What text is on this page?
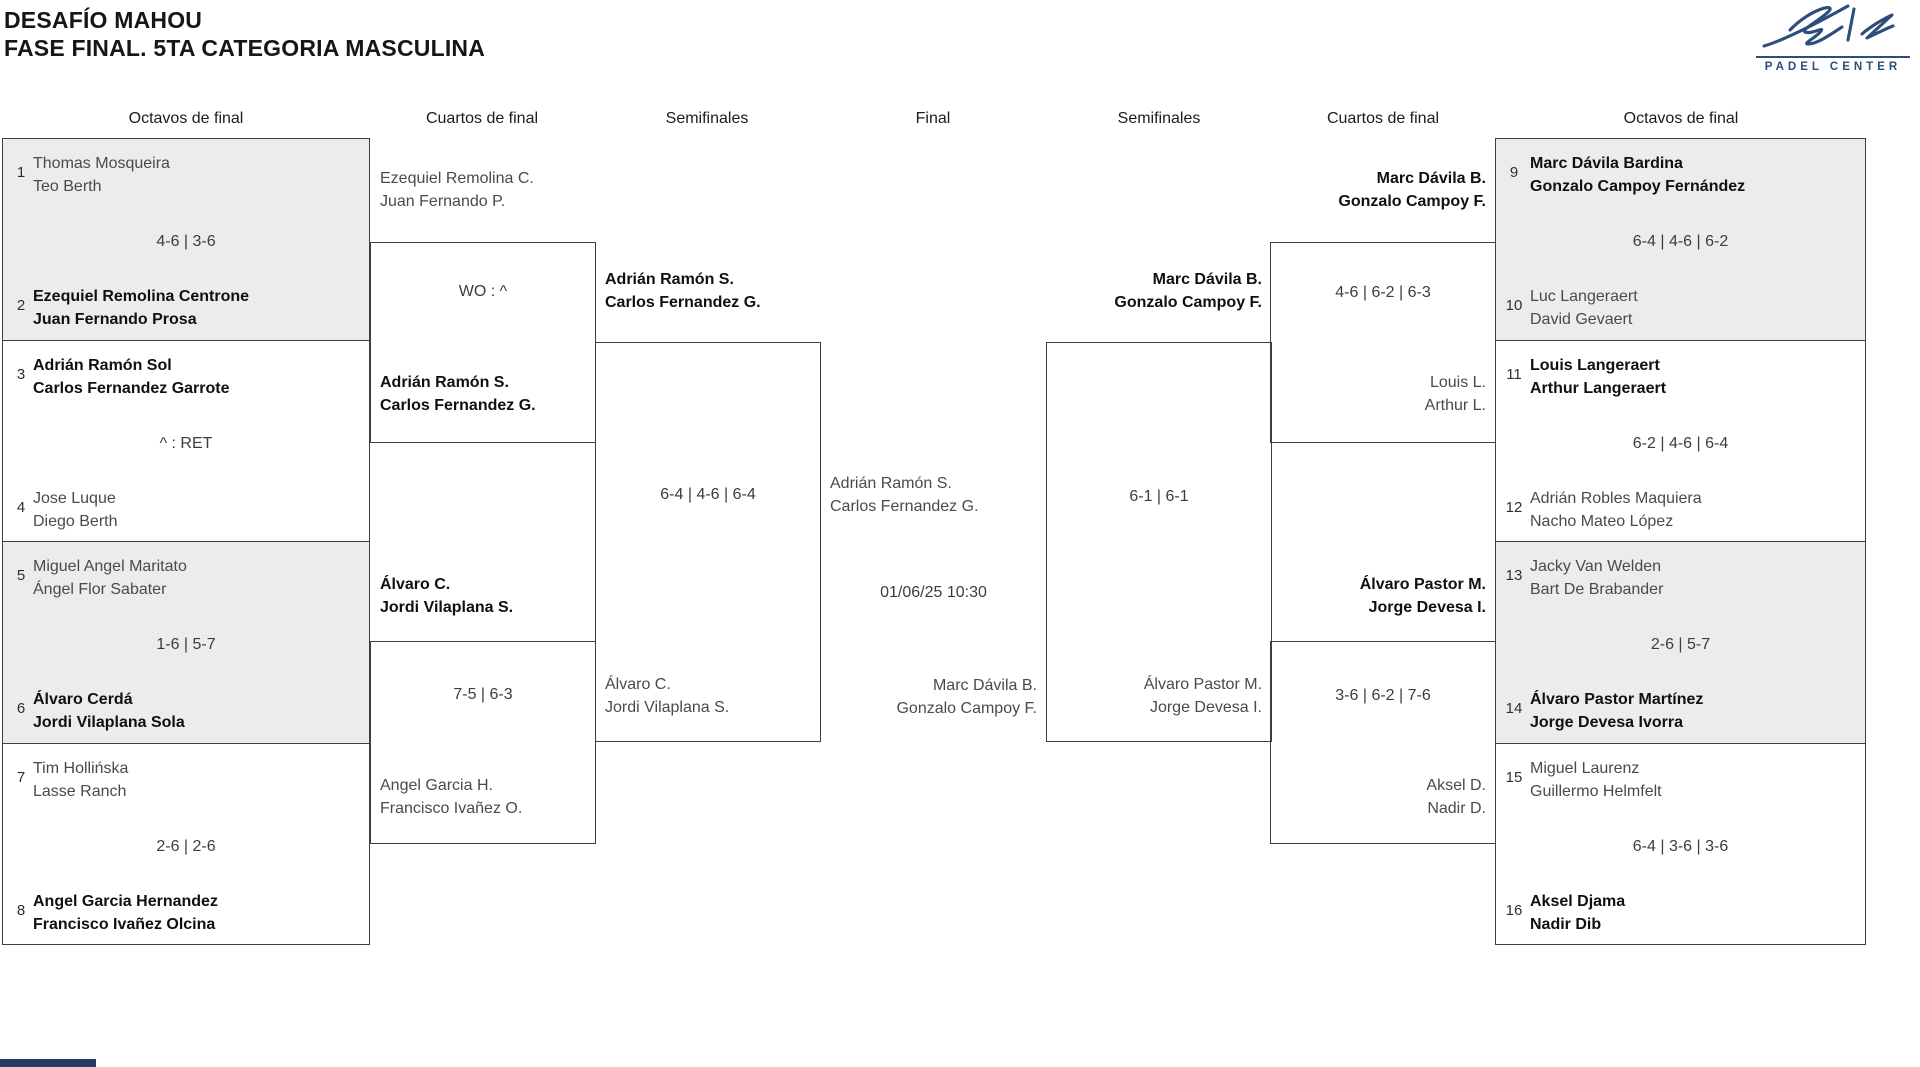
DESAFÍO MAHOU
FASE FINAL. 5TA CATEGORIA MASCULINA
PADEL CENTER
Octavos de final	Cuartos de final	Semifinales	Final	Semifinales	Cuartos de final	Octavos de final
1
Thomas Mosqueira
Teo Berth
4-6 | 3-6
2
Ezequiel Remolina Centrone
Juan Fernando Prosa
3
Adrián Ramón Sol
Carlos Fernandez Garrote
^ : RET
4
Jose Luque
Diego Berth
5
Miguel Angel Maritato
Ángel Flor Sabater
1-6 | 5-7
6
Álvaro Cerdá
Jordi Vilaplana Sola
7
Tim Hollińska
Lasse Ranch
2-6 | 2-6
8
Angel Garcia Hernandez
Francisco Ivañez Olcina
9
Marc Dávila Bardina
Gonzalo Campoy Fernández
6-4 | 4-6 | 6-2
10
Luc Langeraert
David Gevaert
11
Louis Langeraert
Arthur Langeraert
6-2 | 4-6 | 6-4
12
Adrián Robles Maquiera
Nacho Mateo López
13
Jacky Van Welden
Bart De Brabander
2-6 | 5-7
14
Álvaro Pastor Martínez
Jorge Devesa Ivorra
15
Miguel Laurenz
Guillermo Helmfelt
6-4 | 3-6 | 3-6
16
Aksel Djama
Nadir Dib
Ezequiel Remolina C.
Juan Fernando P.
WO : ^
Adrián Ramón S.
Carlos Fernandez G.
Álvaro C.
Jordi Vilaplana S.
7-5 | 6-3
Angel Garcia H.
Francisco Ivañez O.
Adrián Ramón S.
Carlos Fernandez G.
6-4 | 4-6 | 6-4
Álvaro C.
Jordi Vilaplana S.
Adrián Ramón S.
Carlos Fernandez G.
01/06/25 10:30
Marc Dávila B.
Gonzalo Campoy F.
Marc Dávila B.
Gonzalo Campoy F.
6-1 | 6-1
Álvaro Pastor M.
Jorge Devesa I.
Marc Dávila B.
Gonzalo Campoy F.
4-6 | 6-2 | 6-3
Louis L.
Arthur L.
Álvaro Pastor M.
Jorge Devesa I.
3-6 | 6-2 | 7-6
Aksel D.
Nadir D.
